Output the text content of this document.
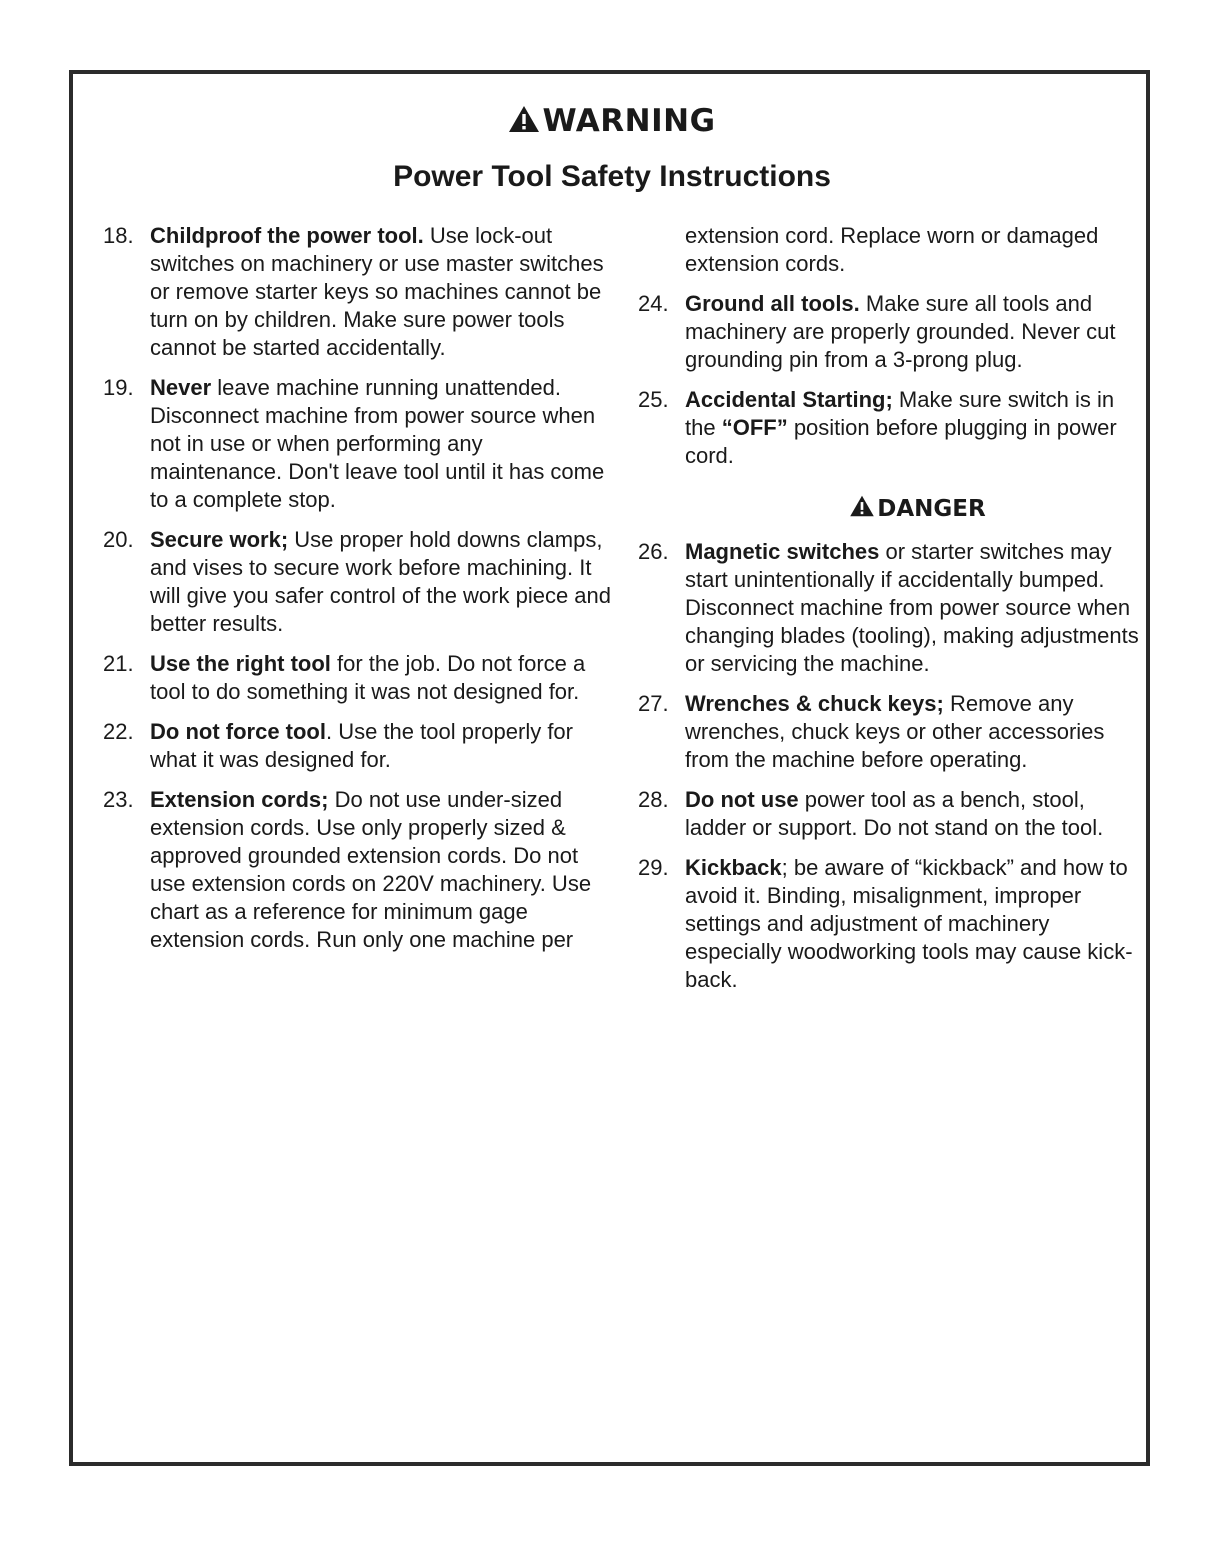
WARNING
Power Tool Safety Instructions
18. Childproof the power tool. Use lock-out switches on machinery or use master switches or remove starter keys so machines cannot be turn on by children. Make sure power tools cannot be started accidentally.
19. Never leave machine running unattended. Disconnect machine from power source when not in use or when performing any maintenance. Don't leave tool until it has come to a complete stop.
20. Secure work; Use proper hold downs clamps, and vises to secure work before machining. It will give you safer control of the work piece and better results.
21. Use the right tool for the job. Do not force a tool to do something it was not designed for.
22. Do not force tool. Use the tool properly for what it was designed for.
23. Extension cords; Do not use under-sized extension cords. Use only properly sized & approved grounded extension cords. Do not use extension cords on 220V machinery. Use chart as a reference for minimum gage extension cords. Run only one machine per
extension cord. Replace worn or damaged extension cords.
24. Ground all tools. Make sure all tools and machinery are properly grounded. Never cut grounding pin from a 3-prong plug.
25. Accidental Starting; Make sure switch is in the “OFF” position before plugging in power cord.
DANGER
26. Magnetic switches or starter switches may start unintentionally if accidentally bumped. Disconnect machine from power source when changing blades (tooling), making adjustments or servicing the machine.
27. Wrenches & chuck keys; Remove any wrenches, chuck keys or other accessories from the machine before operating.
28. Do not use power tool as a bench, stool, ladder or support. Do not stand on the tool.
29. Kickback; be aware of “kickback” and how to avoid it. Binding, misalignment, improper settings and adjustment of machinery especially woodworking tools may cause kick-back.
